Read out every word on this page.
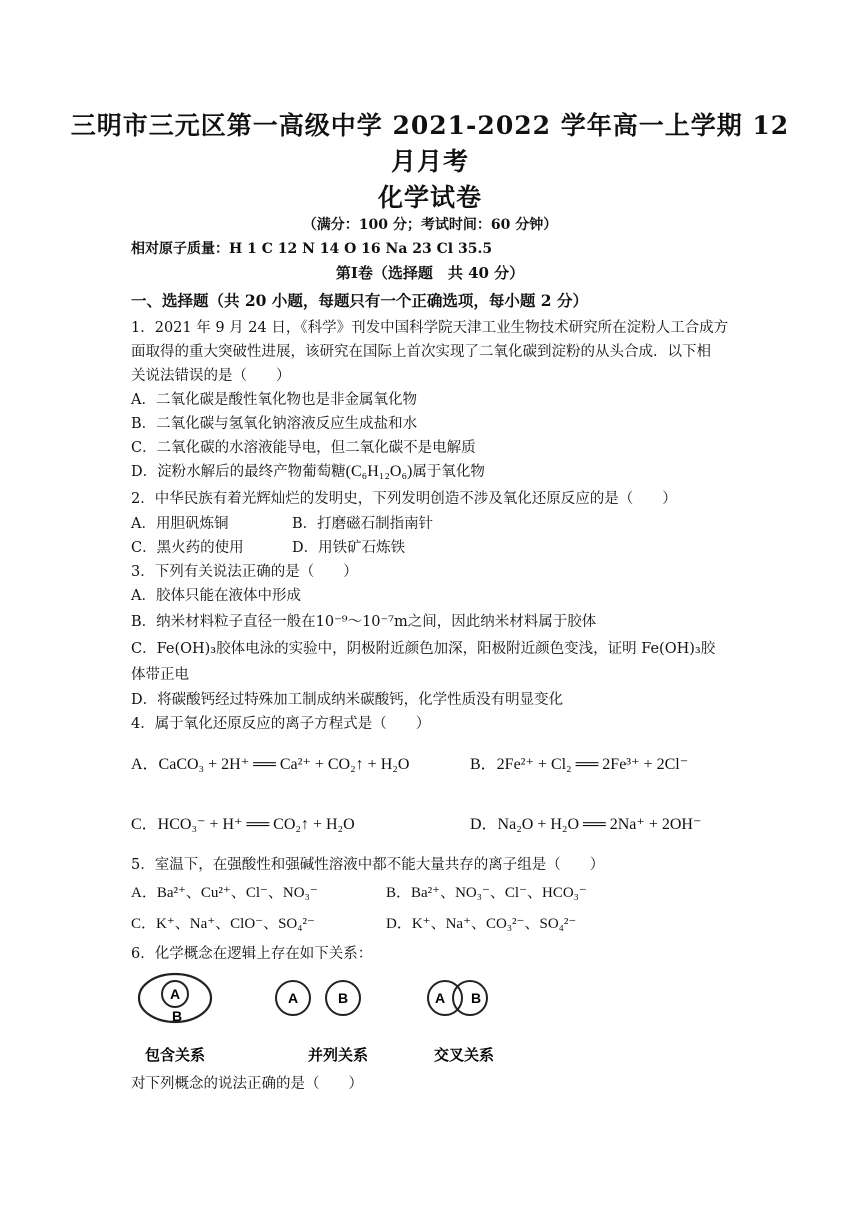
三明市三元区第一高级中学 2021-2022 学年高一上学期 12
月月考
化学试卷
（满分：100 分；考试时间：60 分钟）
相对原子质量：H 1 C 12 N 14 O 16 Na 23 Cl 35.5
第Ⅰ卷（选择题　共 40 分）
一、选择题（共 20 小题，每题只有一个正确选项，每小题 2 分）
1．2021 年 9 月 24 日，《科学》刊发中国科学院天津工业生物技术研究所在淀粉人工合成方
面取得的重大突破性进展，该研究在国际上首次实现了二氧化碳到淀粉的从头合成．以下相
关说法错误的是（　　）
A．二氧化碳是酸性氧化物也是非金属氧化物
B．二氧化碳与氢氧化钠溶液反应生成盐和水
C．二氧化碳的水溶液能导电，但二氧化碳不是电解质
D．淀粉水解后的最终产物葡萄糖(C₆H₁₂O₆)属于氧化物
2．中华民族有着光辉灿烂的发明史，下列发明创造不涉及氧化还原反应的是（　　）
A．用胆矾炼铜	B．打磨磁石制指南针
C．黑火药的使用	D．用铁矿石炼铁
3．下列有关说法正确的是（　　）
A．胶体只能在液体中形成
B．纳米材料粒子直径一般在10⁻⁹～10⁻⁷m之间，因此纳米材料属于胶体
C．Fe(OH)₃胶体电泳的实验中，阴极附近颜色加深，阳极附近颜色变浅，证明 Fe(OH)₃胶
体带正电
D．将碳酸钙经过特殊加工制成纳米碳酸钙，化学性质没有明显变化
4．属于氧化还原反应的离子方程式是（　　）
A．CaCO₃ + 2H⁺ ══ Ca²⁺ + CO₂↑ + H₂O	B．2Fe²⁺ + Cl₂ ══ 2Fe³⁺ + 2Cl⁻
C．HCO₃⁻ + H⁺ ══ CO₂↑ + H₂O	D．Na₂O + H₂O ══ 2Na⁺ + 2OH⁻
5．室温下，在强酸性和强碱性溶液中都不能大量共存的离子组是（　　）
A．Ba²⁺、Cu²⁺、Cl⁻、NO₃⁻	B．Ba²⁺、NO₃⁻、Cl⁻、HCO₃⁻
C．K⁺、Na⁺、ClO⁻、SO₄²⁻	D．K⁺、Na⁺、CO₃²⁻、SO₄²⁻
6．化学概念在逻辑上存在如下关系：
A
B
包含关系
A	B
并列关系
A B
交叉关系
对下列概念的说法正确的是（　　）
